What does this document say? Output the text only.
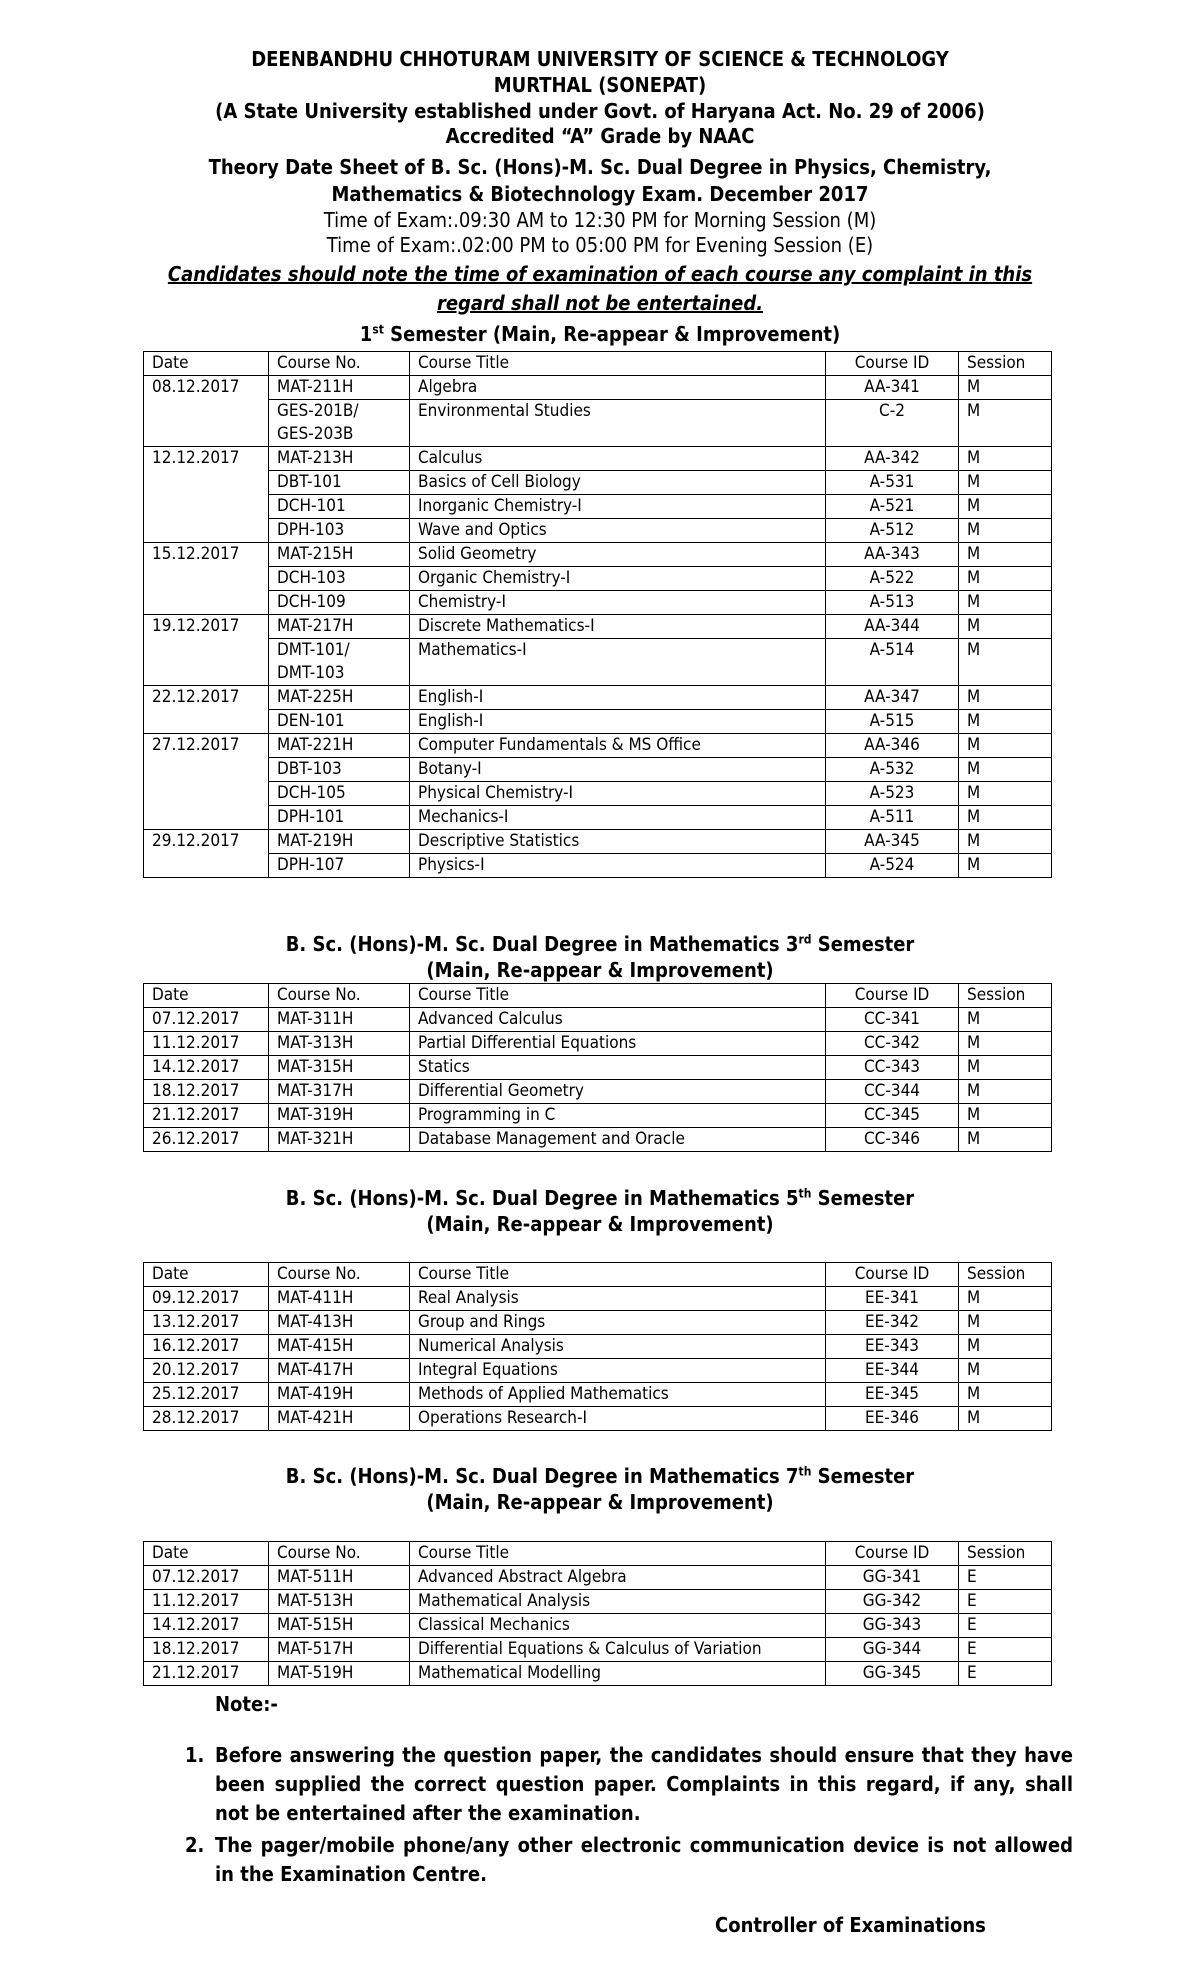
DEENBANDHU CHHOTURAM UNIVERSITY OF SCIENCE & TECHNOLOGY
MURTHAL (SONEPAT)
(A State University established under Govt. of Haryana Act. No. 29 of 2006)
Accredited “A” Grade by NAAC
Theory Date Sheet of B. Sc. (Hons)-M. Sc. Dual Degree in Physics, Chemistry,
Mathematics & Biotechnology Exam. December 2017
Time of Exam:.09:30 AM to 12:30 PM for Morning Session (M)
Time of Exam:.02:00 PM to 05:00 PM for Evening Session (E)
Candidates should note the time of examination of each course any complaint in this
regard shall not be entertained.
1st Semester (Main, Re-appear & Improvement)
Date	Course No.	Course Title	Course ID	Session
08.12.2017	MAT-211H	Algebra	AA-341	M
	GES-201B/
GES-203B	Environmental Studies	C-2	M
12.12.2017	MAT-213H	Calculus	AA-342	M
	DBT-101	Basics of Cell Biology	A-531	M
	DCH-101	Inorganic Chemistry-I	A-521	M
	DPH-103	Wave and Optics	A-512	M
15.12.2017	MAT-215H	Solid Geometry	AA-343	M
	DCH-103	Organic Chemistry-I	A-522	M
	DCH-109	Chemistry-I	A-513	M
19.12.2017	MAT-217H	Discrete Mathematics-I	AA-344	M
	DMT-101/
DMT-103	Mathematics-I	A-514	M
22.12.2017	MAT-225H	English-I	AA-347	M
	DEN-101	English-I	A-515	M
27.12.2017	MAT-221H	Computer Fundamentals & MS Office	AA-346	M
	DBT-103	Botany-I	A-532	M
	DCH-105	Physical Chemistry-I	A-523	M
	DPH-101	Mechanics-I	A-511	M
29.12.2017	MAT-219H	Descriptive Statistics	AA-345	M
	DPH-107	Physics-I	A-524	M
B. Sc. (Hons)-M. Sc. Dual Degree in Mathematics 3rd Semester
(Main, Re-appear & Improvement)
Date	Course No.	Course Title	Course ID	Session
07.12.2017	MAT-311H	Advanced Calculus	CC-341	M
11.12.2017	MAT-313H	Partial Differential Equations	CC-342	M
14.12.2017	MAT-315H	Statics	CC-343	M
18.12.2017	MAT-317H	Differential Geometry	CC-344	M
21.12.2017	MAT-319H	Programming in C	CC-345	M
26.12.2017	MAT-321H	Database Management and Oracle	CC-346	M
B. Sc. (Hons)-M. Sc. Dual Degree in Mathematics 5th Semester
(Main, Re-appear & Improvement)
Date	Course No.	Course Title	Course ID	Session
09.12.2017	MAT-411H	Real Analysis	EE-341	M
13.12.2017	MAT-413H	Group and Rings	EE-342	M
16.12.2017	MAT-415H	Numerical Analysis	EE-343	M
20.12.2017	MAT-417H	Integral Equations	EE-344	M
25.12.2017	MAT-419H	Methods of Applied Mathematics	EE-345	M
28.12.2017	MAT-421H	Operations Research-I	EE-346	M
B. Sc. (Hons)-M. Sc. Dual Degree in Mathematics 7th Semester
(Main, Re-appear & Improvement)
Date	Course No.	Course Title	Course ID	Session
07.12.2017	MAT-511H	Advanced Abstract Algebra	GG-341	E
11.12.2017	MAT-513H	Mathematical Analysis	GG-342	E
14.12.2017	MAT-515H	Classical Mechanics	GG-343	E
18.12.2017	MAT-517H	Differential Equations & Calculus of Variation	GG-344	E
21.12.2017	MAT-519H	Mathematical Modelling	GG-345	E
Note:-
1. Before answering the question paper, the candidates should ensure that they have been supplied the correct question paper. Complaints in this regard, if any, shall not be entertained after the examination.
2. The pager/mobile phone/any other electronic communication device is not allowed in the Examination Centre.
Controller of Examinations
